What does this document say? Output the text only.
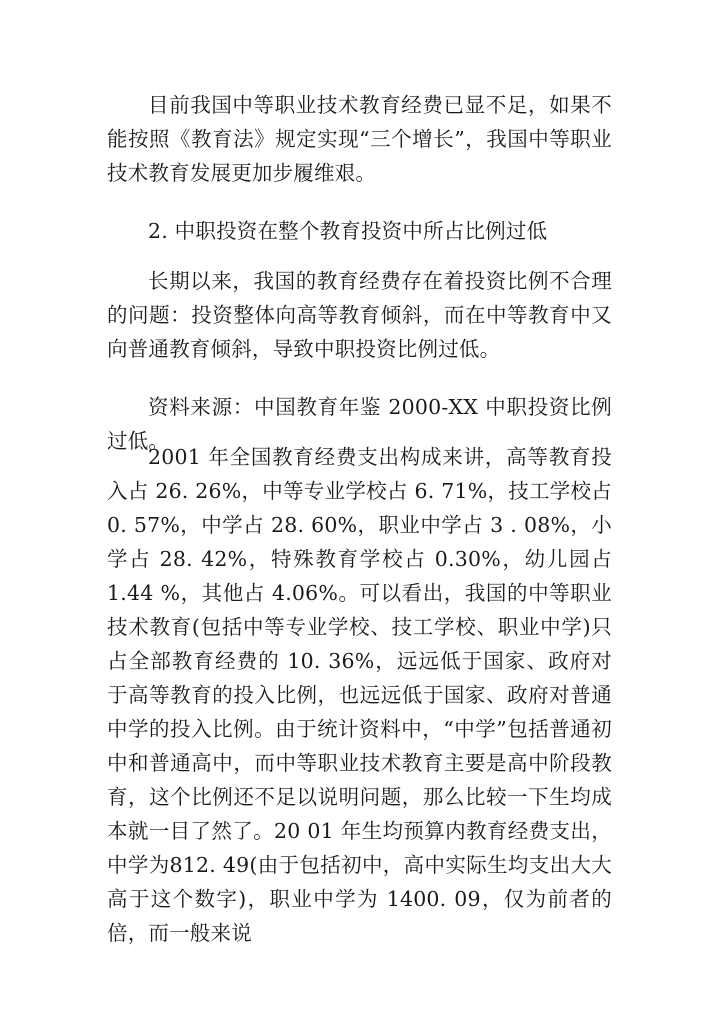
目前我国中等职业技术教育经费已显不足，如果不能按照《教育法》规定实现“三个增长”，我国中等职业技术教育发展更加步履维艰。

2. 中职投资在整个教育投资中所占比例过低

长期以来，我国的教育经费存在着投资比例不合理的问题：投资整体向高等教育倾斜，而在中等教育中又向普通教育倾斜，导致中职投资比例过低。

资料来源：中国教育年鉴 2000-XX 中职投资比例过低。

2001 年全国教育经费支出构成来讲，高等教育投入占 26. 26%，中等专业学校占 6. 71%，技工学校占 0. 57%，中学占 28. 60%，职业中学占 3 . 08%，小学占 28. 42%，特殊教育学校占 0.30%，幼儿园占 1.44 %，其他占 4.06%。可以看出，我国的中等职业技术教育(包括中等专业学校、技工学校、职业中学)只占全部教育经费的 10. 36%，远远低于国家、政府对于高等教育的投入比例，也远远低于国家、政府对普通中学的投入比例。由于统计资料中，“中学”包括普通初中和普通高中，而中等职业技术教育主要是高中阶段教育，这个比例还不足以说明问题，那么比较一下生均成本就一目了然了。20 01 年生均预算内教育经费支出，中学为812. 49(由于包括初中，高中实际生均支出大大高于这个数字)，职业中学为 1400. 09，仅为前者的倍，而一般来说
